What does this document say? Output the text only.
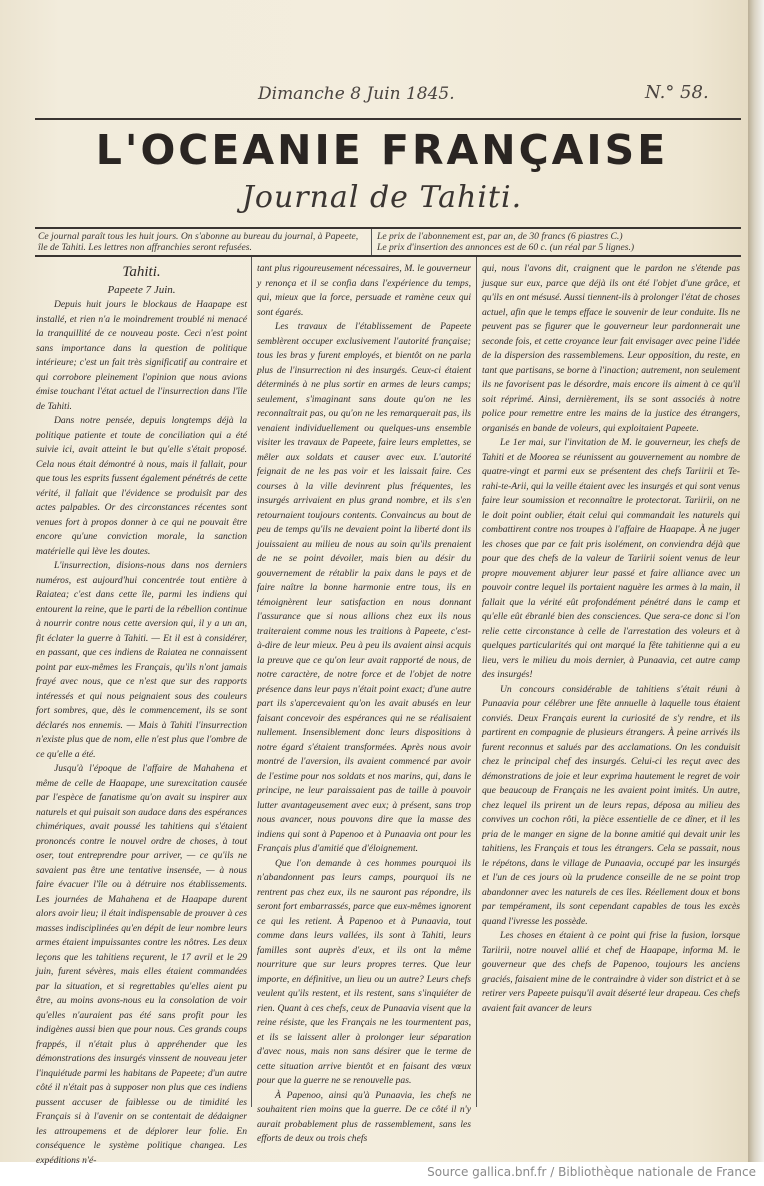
Dimanche 8 Juin 1845.	N.° 58.
L'OCEANIE FRANÇAISE
Journal de Tahiti.
Ce journal paraît tous les huit jours. On s'abonne au bureau du journal, à Papeete, île de Tahiti. Les lettres non affranchies seront refusées.
Le prix de l'abonnement est, par an, de 30 francs (6 piastres C.)
Le prix d'insertion des annonces est de 60 c. (un réal par 5 lignes.)

Tahiti.

Papeete 7 Juin.

Depuis huit jours le blockaus de Haapape est installé, et rien n'a le moindrement troublé ni menacé la tranquillité de ce nouveau poste. Ceci n'est point sans importance dans la question de politique intérieure; c'est un fait très significatif au contraire et qui corrobore pleinement l'opinion que nous avions émise touchant l'état actuel de l'insurrection dans l'île de Tahiti.

Dans notre pensée, depuis longtemps déjà la politique patiente et toute de conciliation qui a été suivie ici, avait atteint le but qu'elle s'était proposé. Cela nous était démontré à nous, mais il fallait, pour que tous les esprits fussent également pénétrés de cette vérité, il fallait que l'évidence se produisît par des actes palpables. Or des circonstances récentes sont venues fort à propos donner à ce qui ne pouvait être encore qu'une conviction morale, la sanction matérielle qui lève les doutes.

L'insurrection, disions-nous dans nos derniers numéros, est aujourd'hui concentrée tout entière à Raiatea; c'est dans cette île, parmi les indiens qui entourent la reine, que le parti de la rébellion continue à nourrir contre nous cette aversion qui, il y a un an, fit éclater la guerre à Tahiti. — Et il est à considérer, en passant, que ces indiens de Raiatea ne connaissent point par eux-mêmes les Français, qu'ils n'ont jamais frayé avec nous, que ce n'est que sur des rapports intéressés et qui nous peignaient sous des couleurs fort sombres, que, dès le commencement, ils se sont déclarés nos ennemis. — Mais à Tahiti l'insurrection n'existe plus que de nom, elle n'est plus que l'ombre de ce qu'elle a été.

Jusqu'à l'époque de l'affaire de Mahahena et même de celle de Haapape, une surexcitation causée par l'espèce de fanatisme qu'on avait su inspirer aux naturels et qui puisait son audace dans des espérances chimériques, avait poussé les tahitiens qui s'étaient prononcés contre le nouvel ordre de choses, à tout oser, tout entreprendre pour arriver, — ce qu'ils ne savaient pas être une tentative insensée, — à nous faire évacuer l'île ou à détruire nos établissements. Les journées de Mahahena et de Haapape durent alors avoir lieu; il était indispensable de prouver à ces masses indisciplinées qu'en dépit de leur nombre leurs armes étaient impuissantes contre les nôtres. Les deux leçons que les tahitiens reçurent, le 17 avril et le 29 juin, furent sévères, mais elles étaient commandées par la situation, et si regrettables qu'elles aient pu être, au moins avons-nous eu la consolation de voir qu'elles n'auraient pas été sans profit pour les indigènes aussi bien que pour nous. Ces grands coups frappés, il n'était plus à appréhender que les démonstrations des insurgés vinssent de nouveau jeter l'inquiétude parmi les habitans de Papeete; d'un autre côté il n'était pas à supposer non plus que ces indiens pussent accuser de faiblesse ou de timidité les Français si à l'avenir on se contentait de dédaigner les attroupemens et de déplorer leur folie. En conséquence le système politique changea. Les expéditions n'é-

tant plus rigoureusement nécessaires, M. le gouverneur y renonça et il se confia dans l'expérience du temps, qui, mieux que la force, persuade et ramène ceux qui sont égarés.

Les travaux de l'établissement de Papeete semblèrent occuper exclusivement l'autorité française; tous les bras y furent employés, et bientôt on ne parla plus de l'insurrection ni des insurgés. Ceux-ci étaient déterminés à ne plus sortir en armes de leurs camps; seulement, s'imaginant sans doute qu'on ne les reconnaîtrait pas, ou qu'on ne les remarquerait pas, ils venaient individuellement ou quelques-uns ensemble visiter les travaux de Papeete, faire leurs emplettes, se mêler aux soldats et causer avec eux. L'autorité feignait de ne les pas voir et les laissait faire. Ces courses à la ville devinrent plus fréquentes, les insurgés arrivaient en plus grand nombre, et ils s'en retournaient toujours contents. Convaincus au bout de peu de temps qu'ils ne devaient point la liberté dont ils jouissaient au milieu de nous au soin qu'ils prenaient de ne se point dévoiler, mais bien au désir du gouvernement de rétablir la paix dans le pays et de faire naître la bonne harmonie entre tous, ils en témoignèrent leur satisfaction en nous donnant l'assurance que si nous allions chez eux ils nous traiteraient comme nous les traitions à Papeete, c'est-à-dire de leur mieux. Peu à peu ils avaient ainsi acquis la preuve que ce qu'on leur avait rapporté de nous, de notre caractère, de notre force et de l'objet de notre présence dans leur pays n'était point exact; d'une autre part ils s'apercevaient qu'on les avait abusés en leur faisant concevoir des espérances qui ne se réalisaient nullement. Insensiblement donc leurs dispositions à notre égard s'étaient transformées. Après nous avoir montré de l'aversion, ils avaient commencé par avoir de l'estime pour nos soldats et nos marins, qui, dans le principe, ne leur paraissaient pas de taille à pouvoir lutter avantageusement avec eux; à présent, sans trop nous avancer, nous pouvons dire que la masse des indiens qui sont à Papenoo et à Punaavia ont pour les Français plus d'amitié que d'éloignement.

Que l'on demande à ces hommes pourquoi ils n'abandonnent pas leurs camps, pourquoi ils ne rentrent pas chez eux, ils ne sauront pas répondre, ils seront fort embarrassés, parce que eux-mêmes ignorent ce qui les retient. À Papenoo et à Punaavia, tout comme dans leurs vallées, ils sont à Tahiti, leurs familles sont auprès d'eux, et ils ont la même nourriture que sur leurs propres terres. Que leur importe, en définitive, un lieu ou un autre? Leurs chefs veulent qu'ils restent, et ils restent, sans s'inquiéter de rien. Quant à ces chefs, ceux de Punaavia visent que la reine résiste, que les Français ne les tourmentent pas, et ils se laissent aller à prolonger leur séparation d'avec nous, mais non sans désirer que le terme de cette situation arrive bientôt et en faisant des vœux pour que la guerre ne se renouvelle pas.

À Papenoo, ainsi qu'à Punaavia, les chefs ne souhaitent rien moins que la guerre. De ce côté il n'y aurait probablement plus de rassemblement, sans les efforts de deux ou trois chefs

qui, nous l'avons dit, craignent que le pardon ne s'étende pas jusque sur eux, parce que déjà ils ont été l'objet d'une grâce, et qu'ils en ont mésusé. Aussi tiennent-ils à prolonger l'état de choses actuel, afin que le temps efface le souvenir de leur conduite. Ils ne peuvent pas se figurer que le gouverneur leur pardonnerait une seconde fois, et cette croyance leur fait envisager avec peine l'idée de la dispersion des rassemblemens. Leur opposition, du reste, en tant que partisans, se borne à l'inaction; autrement, non seulement ils ne favorisent pas le désordre, mais encore ils aiment à ce qu'il soit réprimé. Ainsi, dernièrement, ils se sont associés à notre police pour remettre entre les mains de la justice des étrangers, organisés en bande de voleurs, qui exploitaient Papeete.

Le 1er mai, sur l'invitation de M. le gouverneur, les chefs de Tahiti et de Moorea se réunissent au gouvernement au nombre de quatre-vingt et parmi eux se présentent des chefs Tariirii et Te-rahi-te-Arii, qui la veille étaient avec les insurgés et qui sont venus faire leur soumission et reconnaître le protectorat. Tariirii, on ne le doit point oublier, était celui qui commandait les naturels qui combattirent contre nos troupes à l'affaire de Haapape. À ne juger les choses que par ce fait pris isolément, on conviendra déjà que pour que des chefs de la valeur de Tariirii soient venus de leur propre mouvement abjurer leur passé et faire alliance avec un pouvoir contre lequel ils portaient naguère les armes à la main, il fallait que la vérité eût profondément pénétré dans le camp et qu'elle eût ébranlé bien des consciences. Que sera-ce donc si l'on relie cette circonstance à celle de l'arrestation des voleurs et à quelques particularités qui ont marqué la fête tahitienne qui a eu lieu, vers le milieu du mois dernier, à Punaavia, cet autre camp des insurgés!

Un concours considérable de tahitiens s'était réuni à Punaavia pour célébrer une fête annuelle à laquelle tous étaient conviés. Deux Français eurent la curiosité de s'y rendre, et ils partirent en compagnie de plusieurs étrangers. À peine arrivés ils furent reconnus et salués par des acclamations. On les conduisit chez le principal chef des insurgés. Celui-ci les reçut avec des démonstrations de joie et leur exprima hautement le regret de voir que beaucoup de Français ne les avaient point imités. Un autre, chez lequel ils prirent un de leurs repas, déposa au milieu des convives un cochon rôti, la pièce essentielle de ce dîner, et il les pria de le manger en signe de la bonne amitié qui devait unir les tahitiens, les Français et tous les étrangers. Cela se passait, nous le répétons, dans le village de Punaavia, occupé par les insurgés et l'un de ces jours où la prudence conseille de ne se point trop abandonner avec les naturels de ces îles. Réellement doux et bons par tempérament, ils sont cependant capables de tous les excès quand l'ivresse les possède.

Les choses en étaient à ce point qui frise la fusion, lorsque Tariirii, notre nouvel allié et chef de Haapape, informa M. le gouverneur que des chefs de Papenoo, toujours les anciens graciés, faisaient mine de le contraindre à vider son district et à se retirer vers Papeete puisqu'il avait déserté leur drapeau. Ces chefs avaient fait avancer de leurs

Source gallica.bnf.fr / Bibliothèque nationale de France
